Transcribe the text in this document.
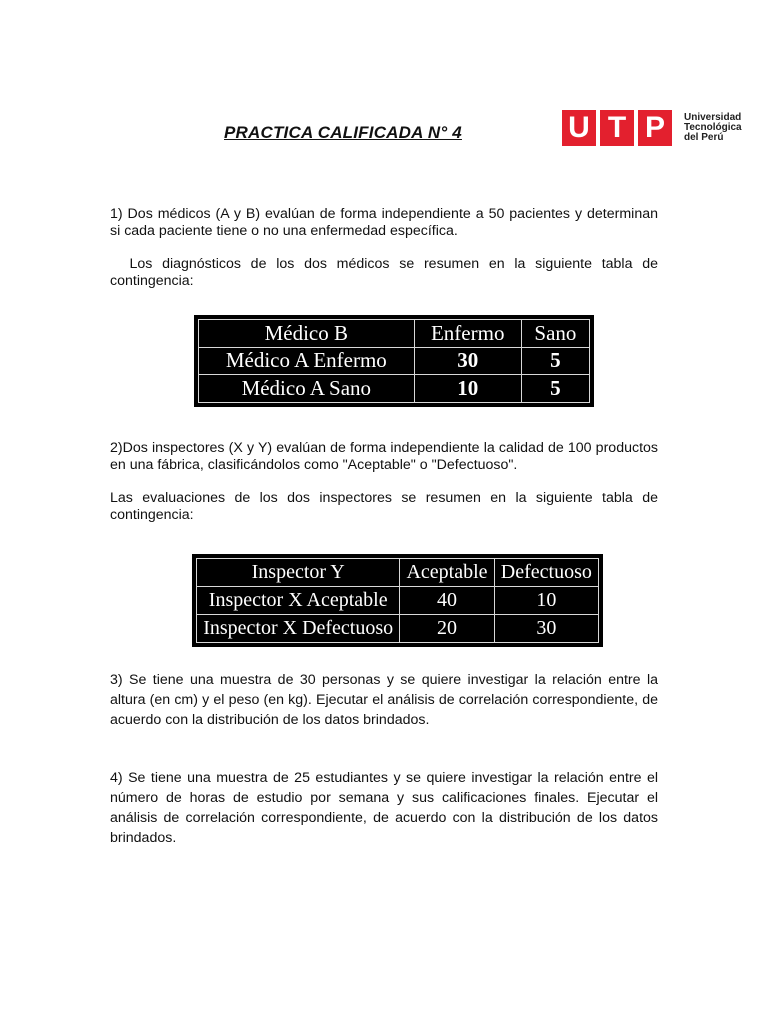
PRACTICA CALIFICADA N° 4	U T P	Universidad
Tecnológica
del Perú
1) Dos médicos (A y B) evalúan de forma independiente a 50 pacientes y determinan si cada paciente tiene o no una enfermedad específica.
Los diagnósticos de los dos médicos se resumen en la siguiente tabla de contingencia:
Médico B	Enfermo	Sano
Médico A Enfermo	30	5
Médico A Sano	10	5
2)Dos inspectores (X y Y) evalúan de forma independiente la calidad de 100 productos en una fábrica, clasificándolos como "Aceptable" o "Defectuoso".
Las evaluaciones de los dos inspectores se resumen en la siguiente tabla de contingencia:
Inspector Y	Aceptable	Defectuoso
Inspector X Aceptable	40	10
Inspector X Defectuoso	20	30
3) Se tiene una muestra de 30 personas y se quiere investigar la relación entre la altura (en cm) y el peso (en kg). Ejecutar el análisis de correlación correspondiente, de acuerdo con la distribución de los datos brindados.
4) Se tiene una muestra de 25 estudiantes y se quiere investigar la relación entre el número de horas de estudio por semana y sus calificaciones finales. Ejecutar el análisis de correlación correspondiente, de acuerdo con la distribución de los datos brindados.
